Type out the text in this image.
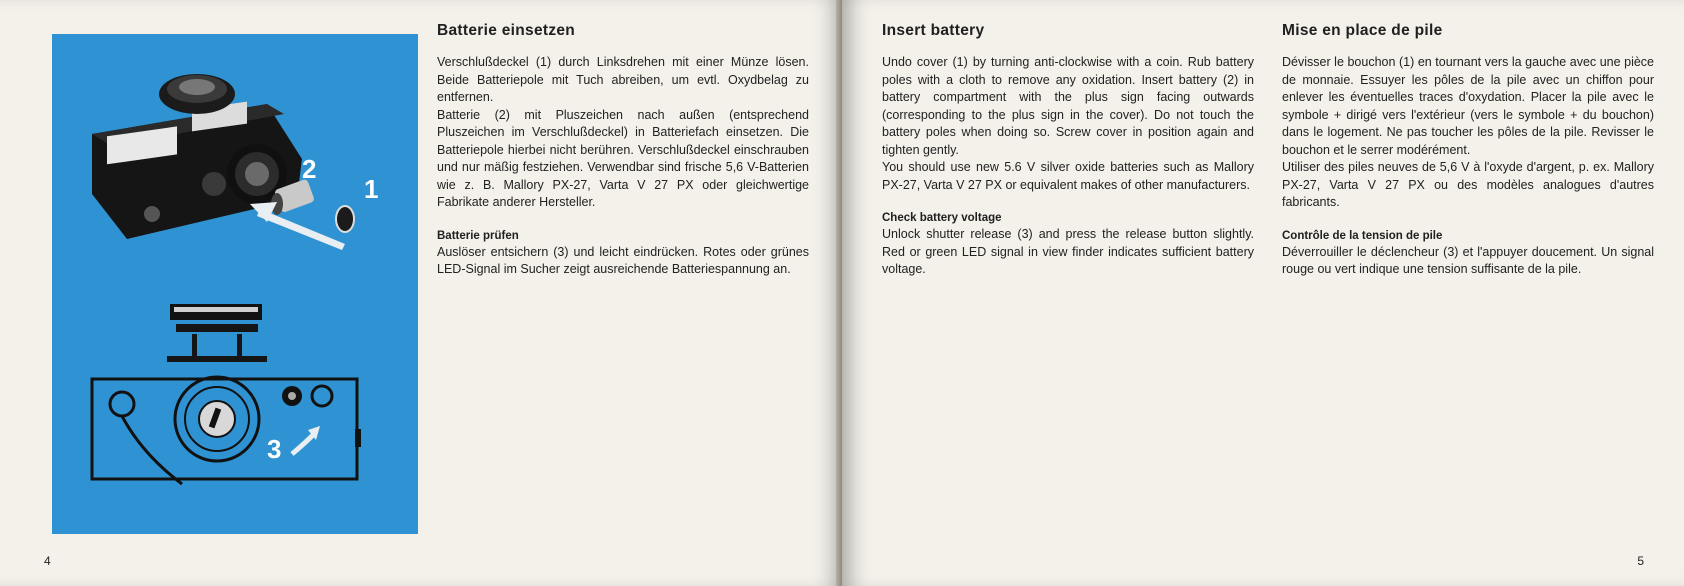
2
1
3
Batterie einsetzen

Verschlußdeckel (1) durch Linksdrehen mit einer Münze lösen. Beide Batteriepole mit Tuch abreiben, um evtl. Oxydbelag zu entfernen.

Batterie (2) mit Pluszeichen nach außen (entsprechend Pluszeichen im Verschlußdeckel) in Batteriefach einsetzen. Die Batteriepole hierbei nicht berühren. Verschlußdeckel einschrauben und nur mäßig festziehen. Verwendbar sind frische 5,6 V-Batterien wie z. B. Mallory PX-27, Varta V 27 PX oder gleichwertige Fabrikate anderer Hersteller.

Batterie prüfen

Auslöser entsichern (3) und leicht eindrücken. Rotes oder grünes LED-Signal im Sucher zeigt ausreichende Batteriespannung an.

4
Insert battery

Undo cover (1) by turning anti-clockwise with a coin. Rub battery poles with a cloth to remove any oxidation. Insert battery (2) in battery compartment with the plus sign facing outwards (corresponding to the plus sign in the cover). Do not touch the battery poles when doing so. Screw cover in position again and tighten gently.

You should use new 5.6 V silver oxide batteries such as Mallory PX-27, Varta V 27 PX or equivalent makes of other manufacturers.

Check battery voltage

Unlock shutter release (3) and press the release button slightly. Red or green LED signal in view finder indicates sufficient battery voltage.

Mise en place de pile

Dévisser le bouchon (1) en tournant vers la gauche avec une pièce de monnaie. Essuyer les pôles de la pile avec un chiffon pour enlever les éventuelles traces d'oxydation. Placer la pile avec le symbole + dirigé vers l'extérieur (vers le symbole + du bouchon) dans le logement. Ne pas toucher les pôles de la pile. Revisser le bouchon et le serrer modérément.

Utiliser des piles neuves de 5,6 V à l'oxyde d'argent, p. ex. Mallory PX-27, Varta V 27 PX ou des modèles analogues d'autres fabricants.

Contrôle de la tension de pile

Déverrouiller le déclencheur (3) et l'appuyer doucement. Un signal rouge ou vert indique une tension suffisante de la pile.

5
